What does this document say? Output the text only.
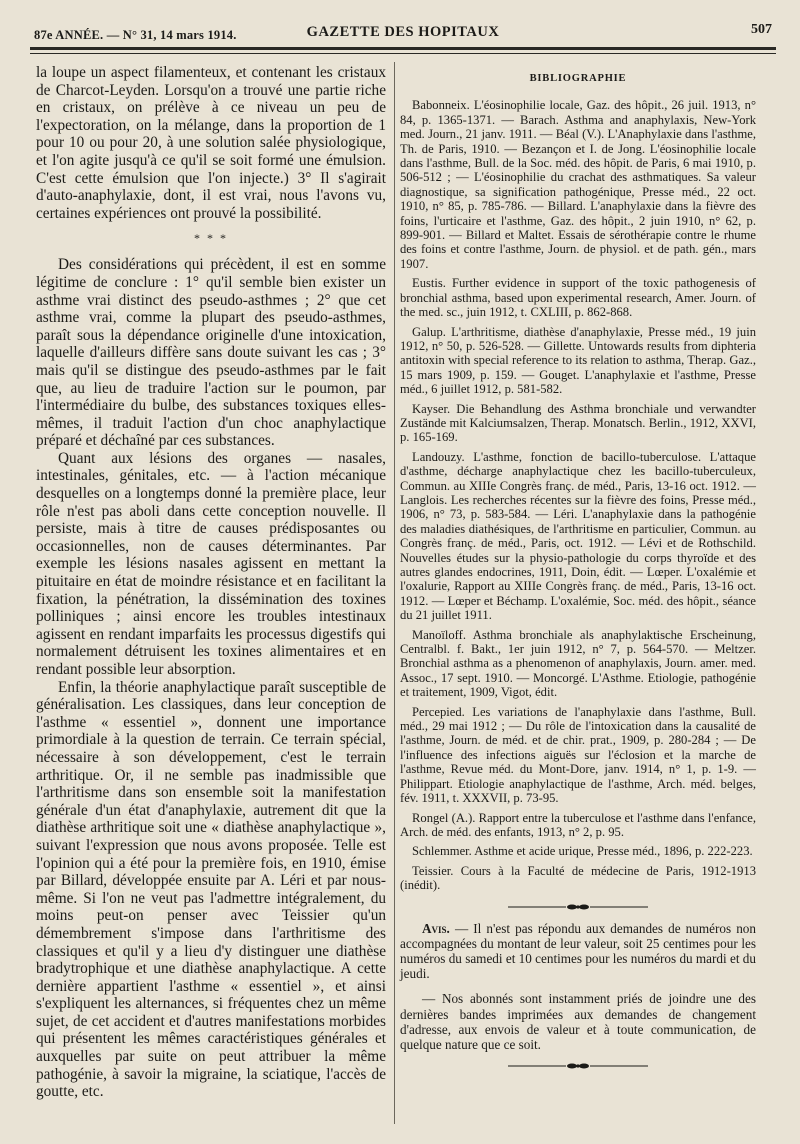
87e ANNÉE. — N° 31, 14 mars 1914.	GAZETTE DES HOPITAUX	507

la loupe un aspect filamenteux, et contenant les cristaux de Charcot-Leyden. Lorsqu'on a trouvé une partie riche en cristaux, on prélève à ce niveau un peu de l'expectoration, on la mélange, dans la proportion de 1 pour 10 ou pour 20, à une solution salée physiologique, et l'on agite jusqu'à ce qu'il se soit formé une émulsion. C'est cette émulsion que l'on injecte.) 3° Il s'agirait d'auto-anaphylaxie, dont, il est vrai, nous l'avons vu, certaines expériences ont prouvé la possibilité.

* * *

Des considérations qui précèdent, il est en somme légitime de conclure : 1° qu'il semble bien exister un asthme vrai distinct des pseudo-asthmes ; 2° que cet asthme vrai, comme la plupart des pseudo-asthmes, paraît sous la dépendance originelle d'une intoxication, laquelle d'ailleurs diffère sans doute suivant les cas ; 3° mais qu'il se distingue des pseudo-asthmes par le fait que, au lieu de traduire l'action sur le poumon, par l'intermédiaire du bulbe, des substances toxiques elles-mêmes, il traduit l'action d'un choc anaphylactique préparé et déchaîné par ces substances.

Quant aux lésions des organes — nasales, intestinales, génitales, etc. — à l'action mécanique desquelles on a longtemps donné la première place, leur rôle n'est pas aboli dans cette conception nouvelle. Il persiste, mais à titre de causes prédisposantes ou occasionnelles, non de causes déterminantes. Par exemple les lésions nasales agissent en mettant la pituitaire en état de moindre résistance et en facilitant la fixation, la pénétration, la dissémination des toxines polliniques ; ainsi encore les troubles intestinaux agissent en rendant imparfaits les processus digestifs qui normalement détruisent les toxines alimentaires et en rendant possible leur absorption.

Enfin, la théorie anaphylactique paraît susceptible de généralisation. Les classiques, dans leur conception de l'asthme « essentiel », donnent une importance primordiale à la question de terrain. Ce terrain spécial, nécessaire à son développement, c'est le terrain arthritique. Or, il ne semble pas inadmissible que l'arthritisme dans son ensemble soit la manifestation générale d'un état d'anaphylaxie, autrement dit que la diathèse arthritique soit une « diathèse anaphylactique », suivant l'expression que nous avons proposée. Telle est l'opinion qui a été pour la première fois, en 1910, émise par Billard, développée ensuite par A. Léri et par nous-même. Si l'on ne veut pas l'admettre intégralement, du moins peut-on penser avec Teissier qu'un démembrement s'impose dans l'arthritisme des classiques et qu'il y a lieu d'y distinguer une diathèse bradytrophique et une diathèse anaphylactique. A cette dernière appartient l'asthme « essentiel », et ainsi s'expliquent les alternances, si fréquentes chez un même sujet, de cet accident et d'autres manifestations morbides qui présentent les mêmes caractéristiques générales et auxquelles par suite on peut attribuer la même pathogénie, à savoir la migraine, la sciatique, l'accès de goutte, etc.

BIBLIOGRAPHIE

Babonneix. L'éosinophilie locale, Gaz. des hôpit., 26 juil. 1913, n° 84, p. 1365-1371. — Barach. Asthma and anaphylaxis, New-York med. Journ., 21 janv. 1911. — Béal (V.). L'Anaphylaxie dans l'asthme, Th. de Paris, 1910. — Bezançon et I. de Jong. L'éosinophilie locale dans l'asthme, Bull. de la Soc. méd. des hôpit. de Paris, 6 mai 1910, p. 506-512 ; — L'éosinophilie du crachat des asthmatiques. Sa valeur diagnostique, sa signification pathogénique, Presse méd., 22 oct. 1910, n° 85, p. 785-786. — Billard. L'anaphylaxie dans la fièvre des foins, l'urticaire et l'asthme, Gaz. des hôpit., 2 juin 1910, n° 62, p. 899-901. — Billard et Maltet. Essais de sérothérapie contre le rhume des foins et contre l'asthme, Journ. de physiol. et de path. gén., mars 1907.

Eustis. Further evidence in support of the toxic pathogenesis of bronchial asthma, based upon experimental research, Amer. Journ. of the med. sc., juin 1912, t. CXLIII, p. 862-868.

Galup. L'arthritisme, diathèse d'anaphylaxie, Presse méd., 19 juin 1912, n° 50, p. 526-528. — Gillette. Untowards results from diphteria antitoxin with special reference to its relation to asthma, Therap. Gaz., 15 mars 1909, p. 159. — Gouget. L'anaphylaxie et l'asthme, Presse méd., 6 juillet 1912, p. 581-582.

Kayser. Die Behandlung des Asthma bronchiale und verwandter Zustände mit Kalciumsalzen, Therap. Monatsch. Berlin., 1912, XXVI, p. 165-169.

Landouzy. L'asthme, fonction de bacillo-tuberculose. L'attaque d'asthme, décharge anaphylactique chez les bacillo-tuberculeux, Commun. au XIIIe Congrès franç. de méd., Paris, 13-16 oct. 1912. — Langlois. Les recherches récentes sur la fièvre des foins, Presse méd., 1906, n° 73, p. 583-584. — Léri. L'anaphylaxie dans la pathogénie des maladies diathésiques, de l'arthritisme en particulier, Commun. au Congrès franç. de méd., Paris, oct. 1912. — Lévi et de Rothschild. Nouvelles études sur la physio-pathologie du corps thyroïde et des autres glandes endocrines, 1911, Doin, édit. — Lœper. L'oxalémie et l'oxalurie, Rapport au XIIIe Congrès franç. de méd., Paris, 13-16 oct. 1912. — Lœper et Béchamp. L'oxalémie, Soc. méd. des hôpit., séance du 21 juillet 1911.

Manoïloff. Asthma bronchiale als anaphylaktische Erscheinung, Centralbl. f. Bakt., 1er juin 1912, n° 7, p. 564-570. — Meltzer. Bronchial asthma as a phenomenon of anaphylaxis, Journ. amer. med. Assoc., 17 sept. 1910. — Moncorgé. L'Asthme. Etiologie, pathogénie et traitement, 1909, Vigot, édit.

Percepied. Les variations de l'anaphylaxie dans l'asthme, Bull. méd., 29 mai 1912 ; — Du rôle de l'intoxication dans la causalité de l'asthme, Journ. de méd. et de chir. prat., 1909, p. 280-284 ; — De l'influence des infections aiguës sur l'éclosion et la marche de l'asthme, Revue méd. du Mont-Dore, janv. 1914, n° 1, p. 1-9. — Philippart. Etiologie anaphylactique de l'asthme, Arch. méd. belges, fév. 1911, t. XXXVII, p. 73-95.

Rongel (A.). Rapport entre la tuberculose et l'asthme dans l'enfance, Arch. de méd. des enfants, 1913, n° 2, p. 95.

Schlemmer. Asthme et acide urique, Presse méd., 1896, p. 222-223.

Teissier. Cours à la Faculté de médecine de Paris, 1912-1913 (inédit).

Avis. — Il n'est pas répondu aux demandes de numéros non accompagnées du montant de leur valeur, soit 25 centimes pour les numéros du samedi et 10 centimes pour les numéros du mardi et du jeudi.

— Nos abonnés sont instamment priés de joindre une des dernières bandes imprimées aux demandes de changement d'adresse, aux envois de valeur et à toute communication, de quelque nature que ce soit.
